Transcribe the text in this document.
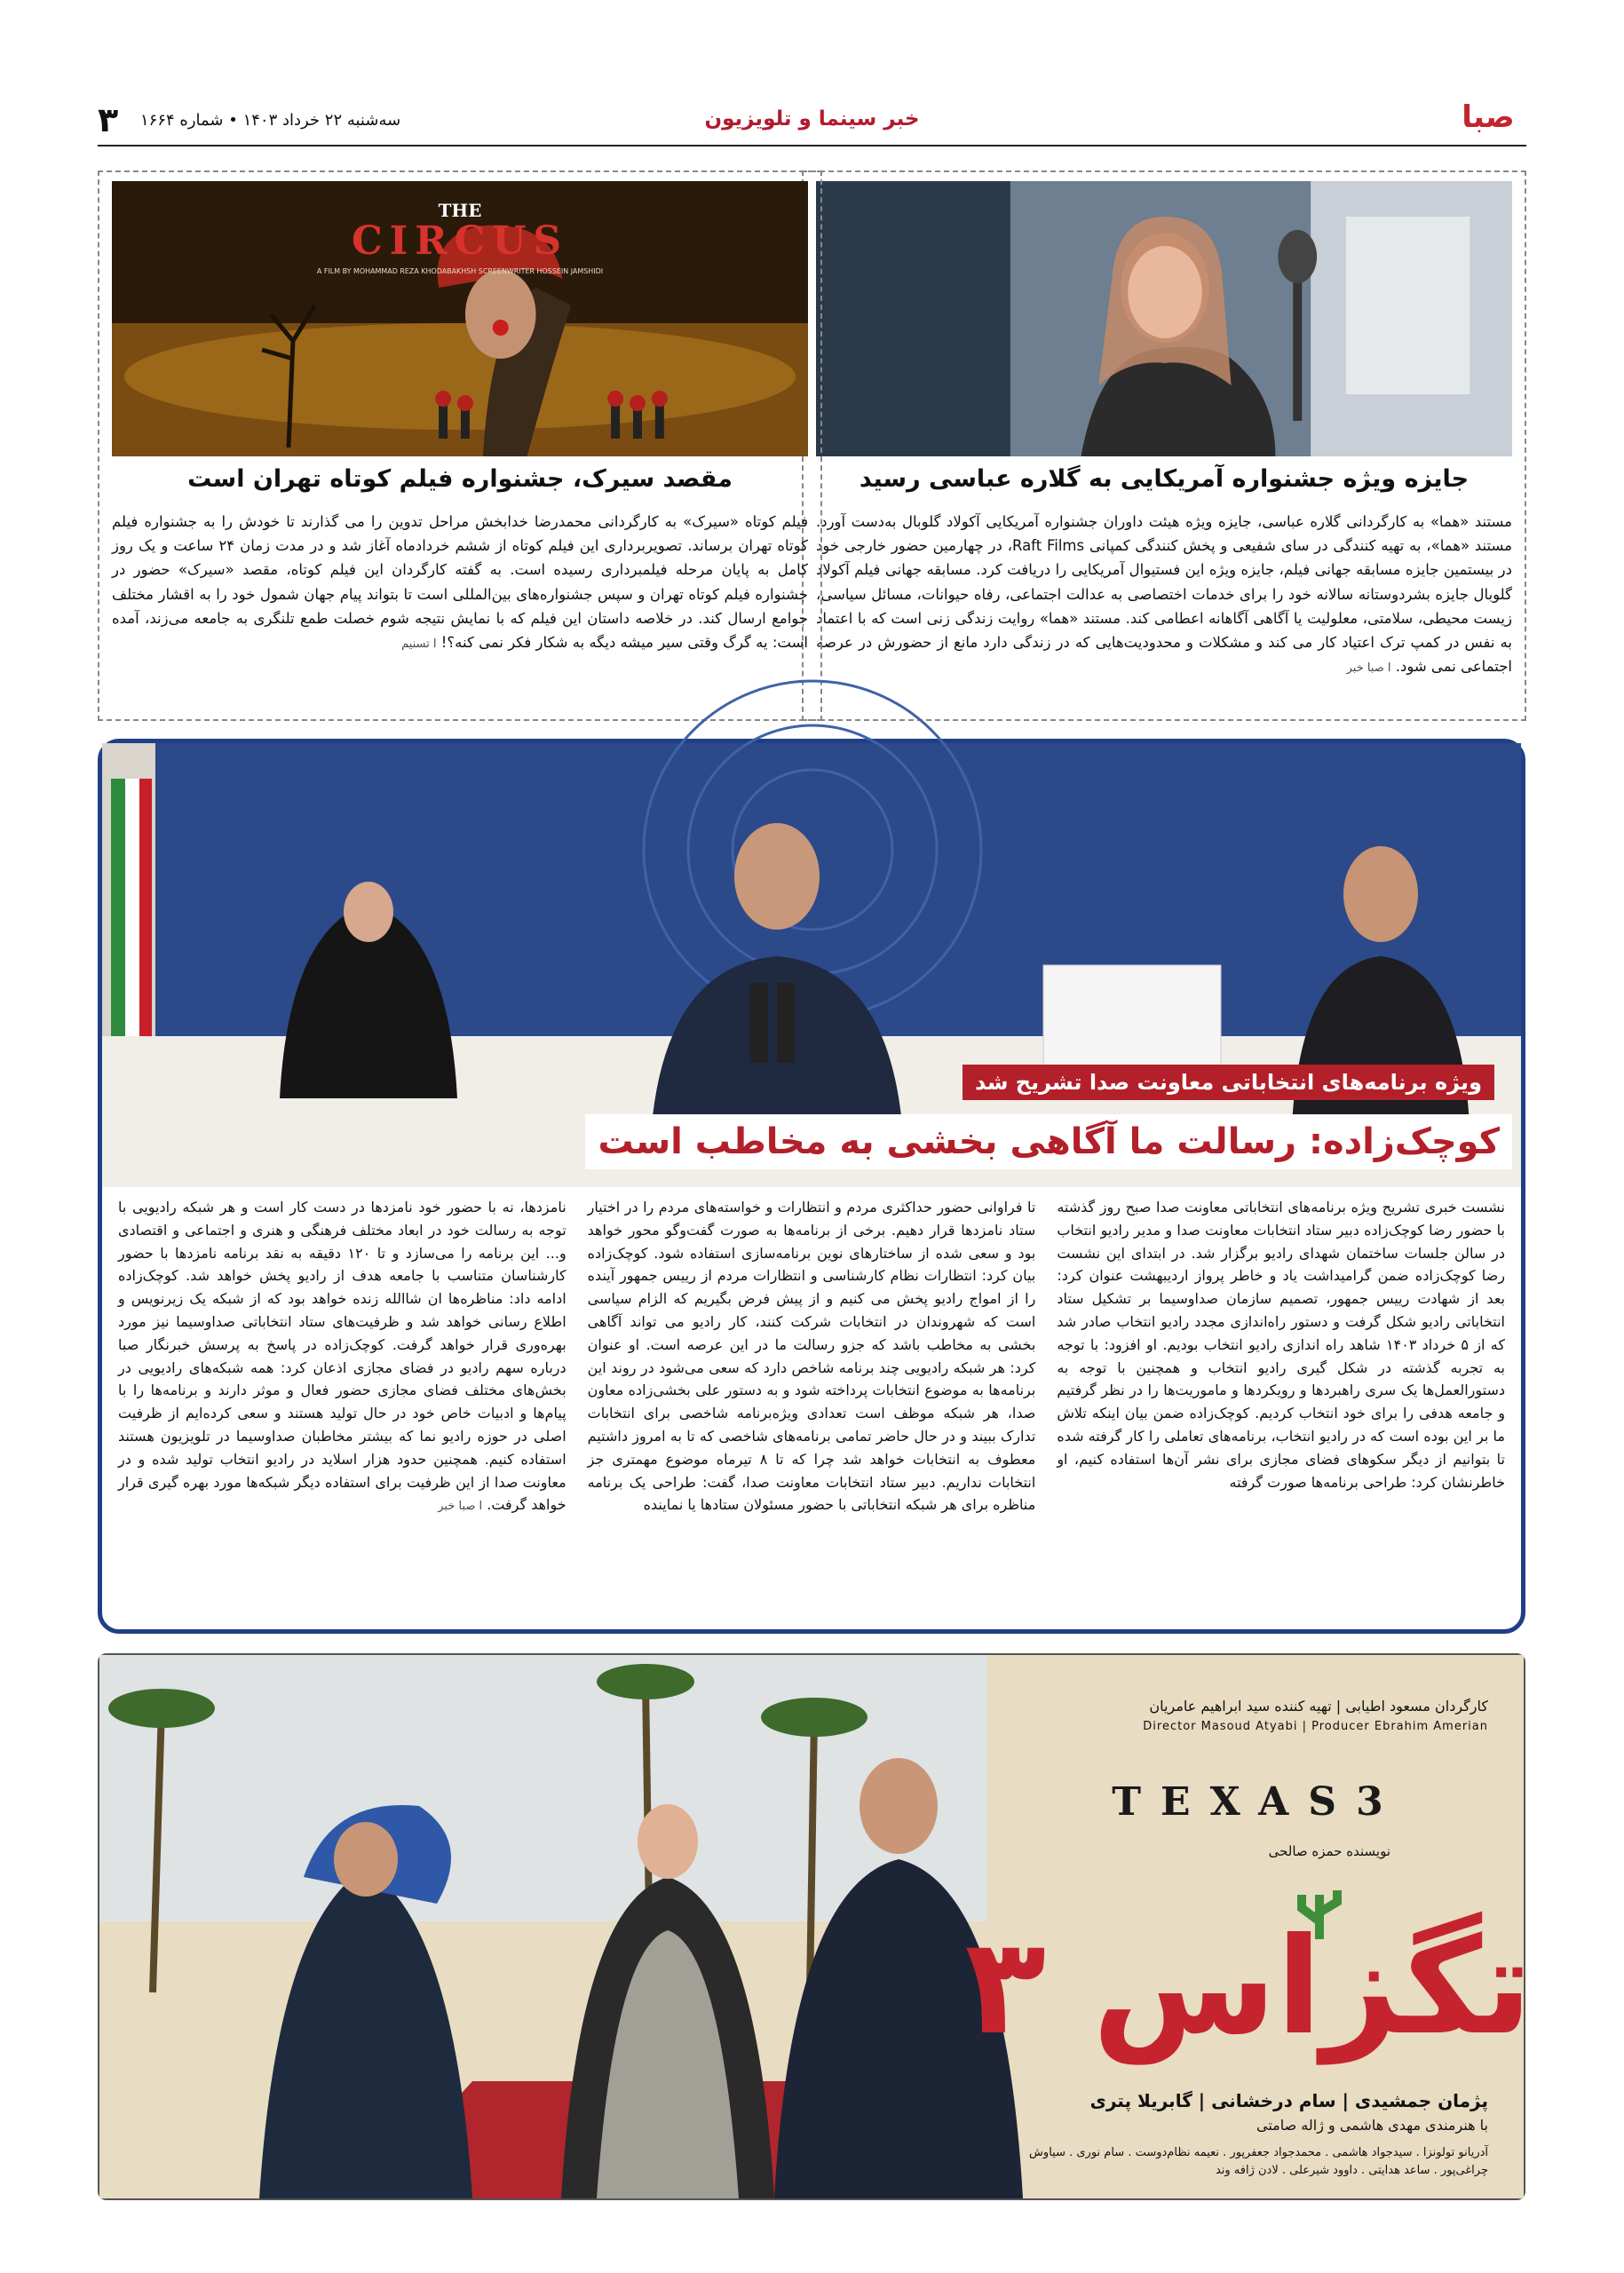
۳ سه‌شنبه ۲۲ خرداد ۱۴۰۳ • شماره ۱۶۶۴	خبر سینما و تلویزیون	صبا
جایزه ویژه جشنواره آمریکایی به گلاره عباسی رسید
مستند «هما» به کارگردانی گلاره عباسی، جایزه ویژه هیئت داوران جشنواره آمریکایی آکولاد گلوبال به‌دست آورد. مستند «هما»، به تهیه کنندگی در سای شفیعی و پخش کنندگی کمپانی Raft Films، در چهارمین حضور خارجی خود در بیستمین جایزه مسابقه جهانی فیلم، جایزه ویژه این فستیوال آمریکایی را دریافت کرد. مسابقه جهانی فیلم آکولاد گلوبال جایزه بشردوستانه سالانه خود را برای خدمات اختصاصی به عدالت اجتماعی، رفاه حیوانات، مسائل سیاسی، زیست محیطی، سلامتی، معلولیت یا آگاهی آگاهانه اعطامی کند. مستند «هما» روایت زندگی زنی است که با اعتماد به نفس در کمپ ترک اعتیاد کار می کند و مشکلات و محدودیت‌هایی که در زندگی دارد مانع از حضورش در عرصه اجتماعی نمی شود. ا صبا خبر
THE
CIRCUS
A FILM BY MOHAMMAD REZA KHODABAKHSH SCREENWRITER HOSSEIN JAMSHIDI
مقصد سیرک، جشنواره فیلم کوتاه تهران است
فیلم کوتاه «سیرک» به کارگردانی محمدرضا خدابخش مراحل تدوین را می گذارند تا خودش را به جشنواره فیلم کوتاه تهران برساند. تصویربرداری این فیلم کوتاه از ششم خردادماه آغاز شد و در مدت زمان ۲۴ ساعت و یک روز کامل به پایان مرحله فیلمبرداری رسیده است. به گفته کارگردان این فیلم کوتاه، مقصد «سیرک» حضور در جشنواره فیلم کوتاه تهران و سپس جشنواره‌های بین‌المللی است تا بتواند پیام جهان شمول خود را به اقشار مختلف جوامع ارسال کند. در خلاصه داستان این فیلم که با نمایش نتیجه شوم خصلت طمع تلنگری به جامعه می‌زند، آمده است: یه گرگ وقتی سیر میشه دیگه به شکار فکر نمی کنه؟! ا تسنیم
ویژه برنامه‌های انتخاباتی معاونت صدا تشریح شد
کوچک‌زاده: رسالت ما آگاهی بخشی به مخاطب است
نشست خبری تشریح ویژه برنامه‌های انتخاباتی معاونت صدا صبح روز گذشته با حضور رضا کوچک‌زاده دبیر ستاد انتخابات معاونت صدا و مدیر رادیو انتخاب در سالن جلسات ساختمان شهدای رادیو برگزار شد. در ابتدای این نشست رضا کوچک‌زاده ضمن گرامیداشت یاد و خاطر پرواز اردیبهشت عنوان کرد: بعد از شهادت رییس جمهور، تصمیم سازمان صداوسیما بر تشکیل ستاد انتخاباتی رادیو شکل گرفت و دستور راه‌اندازی مجدد رادیو انتخاب صادر شد که از ۵ خرداد ۱۴۰۳ شاهد راه اندازی رادیو انتخاب بودیم. او افزود: با توجه به تجربه گذشته در شکل گیری رادیو انتخاب و همچنین با توجه به دستورالعمل‌ها یک سری راهبردها و رویکردها و ماموریت‌ها را در نظر گرفتیم و جامعه هدفی را برای خود انتخاب کردیم. کوچک‌زاده ضمن بیان اینکه تلاش ما بر این بوده است که در رادیو انتخاب، برنامه‌های تعاملی را کار گرفته شده تا بتوانیم از دیگر سکوهای فضای مجازی برای نشر آن‌ها استفاده کنیم، او خاطرنشان کرد: طراحی برنامه‌ها صورت گرفته
تا فراوانی حضور حداکثری مردم و انتظارات و خواسته‌های مردم را در اختیار ستاد نامزدها قرار دهیم. برخی از برنامه‌ها به صورت گفت‌وگو محور خواهد بود و سعی شده از ساختارهای نوین برنامه‌سازی استفاده شود. کوچک‌زاده بیان کرد: انتظارات نظام کارشناسی و انتظارات مردم از رییس جمهور آینده را از امواج رادیو پخش می کنیم و از پیش فرض بگیریم که الزام سیاسی است که شهروندان در انتخابات شرکت کنند، کار رادیو می تواند آگاهی بخشی به مخاطب باشد که جزو رسالت ما در این عرصه است. او عنوان کرد: هر شبکه رادیویی چند برنامه شاخص دارد که سعی می‌شود در روند این برنامه‌ها به موضوع انتخابات پرداخته شود و به دستور علی بخشی‌زاده معاون صدا، هر شبکه موظف است تعدادی ویژه‌برنامه شاخصی برای انتخابات تدارک ببیند و در حال حاضر تمامی برنامه‌های شاخصی که تا به امروز داشتیم معطوف به انتخابات خواهد شد چرا که تا ۸ تیرماه موضوع مهمتری جز انتخابات نداریم. دبیر ستاد انتخابات معاونت صدا، گفت: طراحی یک برنامه مناظره برای هر شبکه انتخاباتی با حضور مسئولان ستادها یا نماینده
نامزدها، نه با حضور خود نامزدها در دست کار است و هر شبکه رادیویی با توجه به رسالت خود در ابعاد مختلف فرهنگی و هنری و اجتماعی و اقتصادی و... این برنامه را می‌سازد و تا ۱۲۰ دقیقه به نقد برنامه نامزدها با حضور کارشناسان متناسب با جامعه هدف از رادیو پخش خواهد شد. کوچک‌زاده ادامه داد: مناظره‌ها ان شاالله زنده خواهد بود که از شبکه یک زیرنویس و اطلاع رسانی خواهد شد و ظرفیت‌های ستاد انتخاباتی صداوسیما نیز مورد بهره‌وری قرار خواهد گرفت. کوچک‌زاده در پاسخ به پرسش خبرنگار صبا درباره سهم رادیو در فضای مجازی اذعان کرد: همه شبکه‌های رادیویی در بخش‌های مختلف فضای مجازی حضور فعال و موثر دارند و برنامه‌ها را با پیام‌ها و ادبیات خاص خود در حال تولید هستند و سعی کرده‌ایم از ظرفیت اصلی در حوزه رادیو نما که بیشتر مخاطبان صداوسیما در تلویزیون هستند استفاده کنیم. همچنین حدود هزار اسلاید در رادیو انتخاب تولید شده و در معاونت صدا از این ظرفیت برای استفاده دیگر شبکه‌ها مورد بهره گیری قرار خواهد گرفت. ا صبا خبر
کارگردان مسعود اطیابی | تهیه کننده سید ابراهیم عامریان
Director Masoud Atyabi | Producer Ebrahim Amerian
TEXAS3
نویسنده حمزه صالحی
تگزاس ۳
پژمان جمشیدی | سام درخشانی | گابریلا پتری
با هنرمندی مهدی هاشمی و ژاله صامتی
آدریانو تولونزا . سیدجواد هاشمی . محمدجواد جعفرپور . نعیمه نظام‌دوست . سام نوری . سیاوش چراغی‌پور . ساعد هدایتی . داوود شیرعلی . لادن ژافه وند
